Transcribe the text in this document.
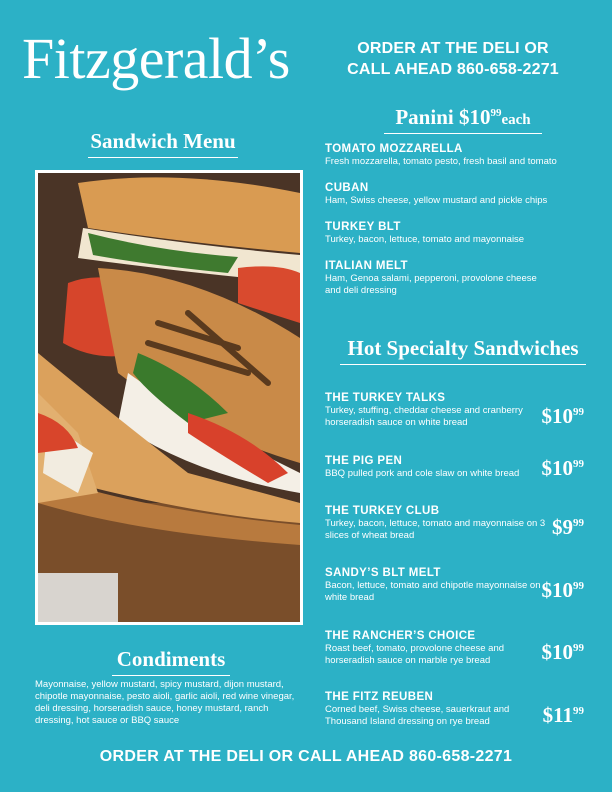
Fitzgerald’s	ORDER AT THE DELI OR
CALL AHEAD 860-658-2271
Sandwich Menu
Panini $\$10^{99}each$
TOMATO MOZZARELLA
Fresh mozzarella, tomato pesto, fresh basil and tomato
CUBAN
Ham, Swiss cheese, yellow mustard and pickle chips
TURKEY BLT
Turkey, bacon, lettuce, tomato and mayonnaise
ITALIAN MELT
Ham, Genoa salami, pepperoni, provolone cheese and deli dressing
Hot Specialty Sandwiches
THE TURKEY TALKS
Turkey, stuffing, cheddar cheese and cranberry horseradish sauce on white bread	$\$10^{99}$
THE PIG PEN
BBQ pulled pork and cole slaw on white bread	$\$10^{99}$
THE TURKEY CLUB
Turkey, bacon, lettuce, tomato and mayonnaise on 3 slices of wheat bread	$\$9^{99}$
SANDY’S BLT MELT
Bacon, lettuce, tomato and chipotle mayonnaise on white bread	$\$10^{99}$
THE RANCHER’S CHOICE
Roast beef, tomato, provolone cheese and horseradish sauce on marble rye bread	$\$10^{99}$
THE FITZ REUBEN
Corned beef, Swiss cheese, sauerkraut and Thousand Island dressing on rye bread	$\$11^{99}$
Condiments
Mayonnaise, yellow mustard, spicy mustard, dijon mustard, chipotle mayonnaise, pesto aioli, garlic aioli, red wine vinegar, deli dressing, horseradish sauce, honey mustard, ranch dressing, hot sauce or BBQ sauce
ORDER AT THE DELI OR CALL AHEAD 860-658-2271
